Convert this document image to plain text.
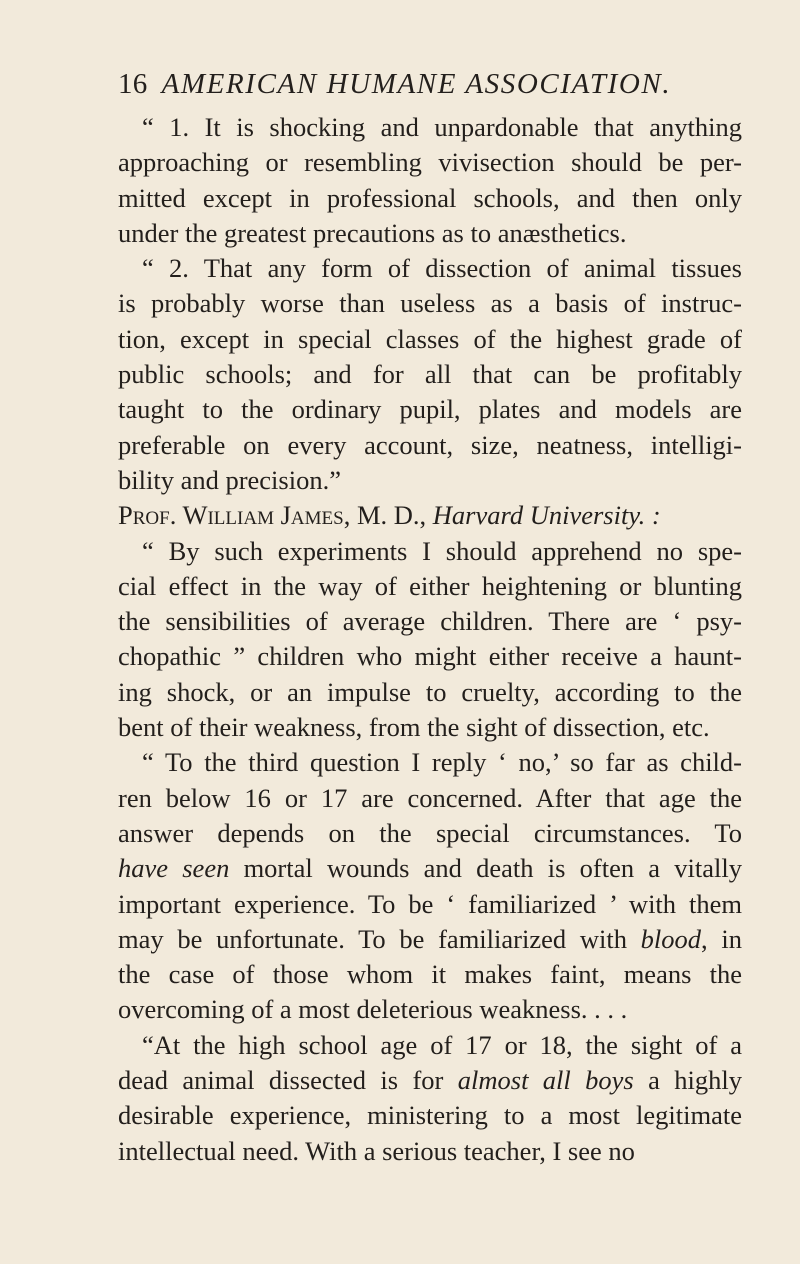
16 AMERICAN HUMANE ASSOCIATION.
“ 1. It is shocking and unpardonable that anything
approaching or resembling vivisection should be per-
mitted except in professional schools, and then only
under the greatest precautions as to anæsthetics.
“ 2. That any form of dissection of animal tissues
is probably worse than useless as a basis of instruc-
tion, except in special classes of the highest grade of
public schools; and for all that can be profitably
taught to the ordinary pupil, plates and models are
preferable on every account, size, neatness, intelligi-
bility and precision.”
Prof. William James, M. D., Harvard University. :
“ By such experiments I should apprehend no spe-
cial effect in the way of either heightening or blunting
the sensibilities of average children. There are ‘ psy-
chopathic ” children who might either receive a haunt-
ing shock, or an impulse to cruelty, according to the
bent of their weakness, from the sight of dissection, etc.
“ To the third question I reply ‘ no,’ so far as child-
ren below 16 or 17 are concerned. After that age the
answer depends on the special circumstances. To
have seen mortal wounds and death is often a vitally
important experience. To be ‘ familiarized ’ with them
may be unfortunate. To be familiarized with blood, in
the case of those whom it makes faint, means the
overcoming of a most deleterious weakness. . . .
“At the high school age of 17 or 18, the sight of a
dead animal dissected is for almost all boys a highly
desirable experience, ministering to a most legitimate
intellectual need. With a serious teacher, I see no
